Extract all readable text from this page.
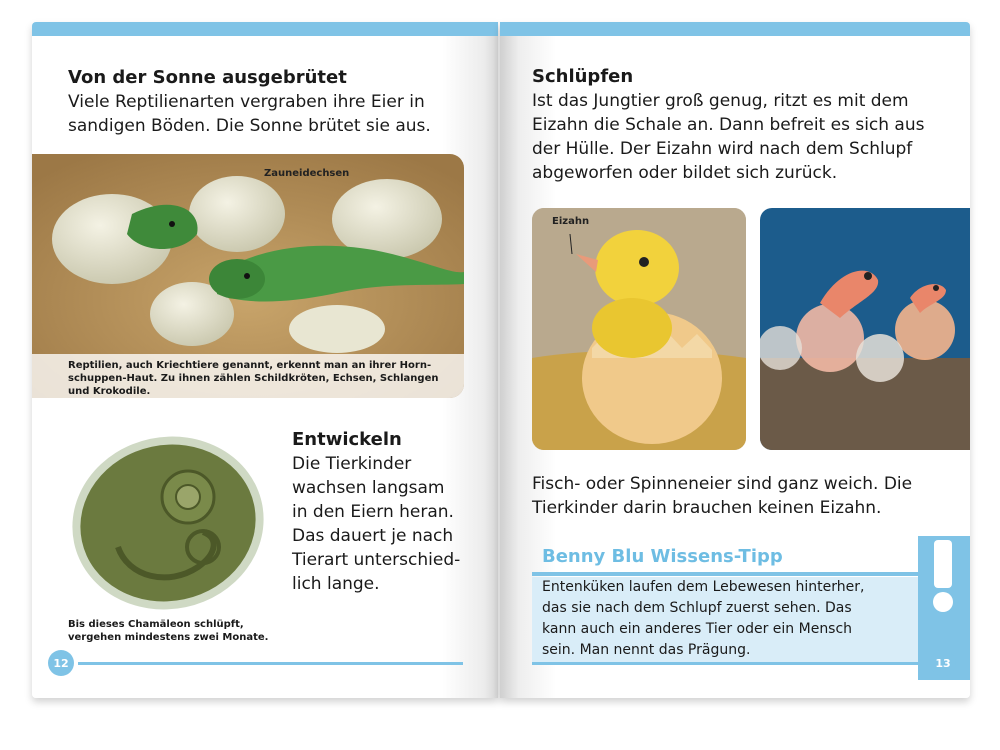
Von der Sonne ausgebrütet
Viele Reptilienarten vergraben ihre Eier in
sandigen Böden. Die Sonne brütet sie aus.
Zauneidechsen
Reptilien, auch Kriechtiere genannt, erkennt man an ihrer Horn-
schuppen-Haut. Zu ihnen zählen Schildkröten, Echsen, Schlangen
und Krokodile.
Bis dieses Chamäleon schlüpft,
vergehen mindestens zwei Monate.
Entwickeln
Die Tierkinder
wachsen langsam
in den Eiern heran.
Das dauert je nach
Tierart unterschied-
lich lange.
12
Schlüpfen
Ist das Jungtier groß genug, ritzt es mit dem
Eizahn die Schale an. Dann befreit es sich aus
der Hülle. Der Eizahn wird nach dem Schlupf
abgeworfen oder bildet sich zurück.
Eizahn
Fisch- oder Spinneneier sind ganz weich. Die
Tierkinder darin brauchen keinen Eizahn.
Benny Blu Wissens-Tipp
Entenküken laufen dem Lebewesen hinterher,
das sie nach dem Schlupf zuerst sehen. Das
kann auch ein anderes Tier oder ein Mensch
sein. Man nennt das Prägung.
13
